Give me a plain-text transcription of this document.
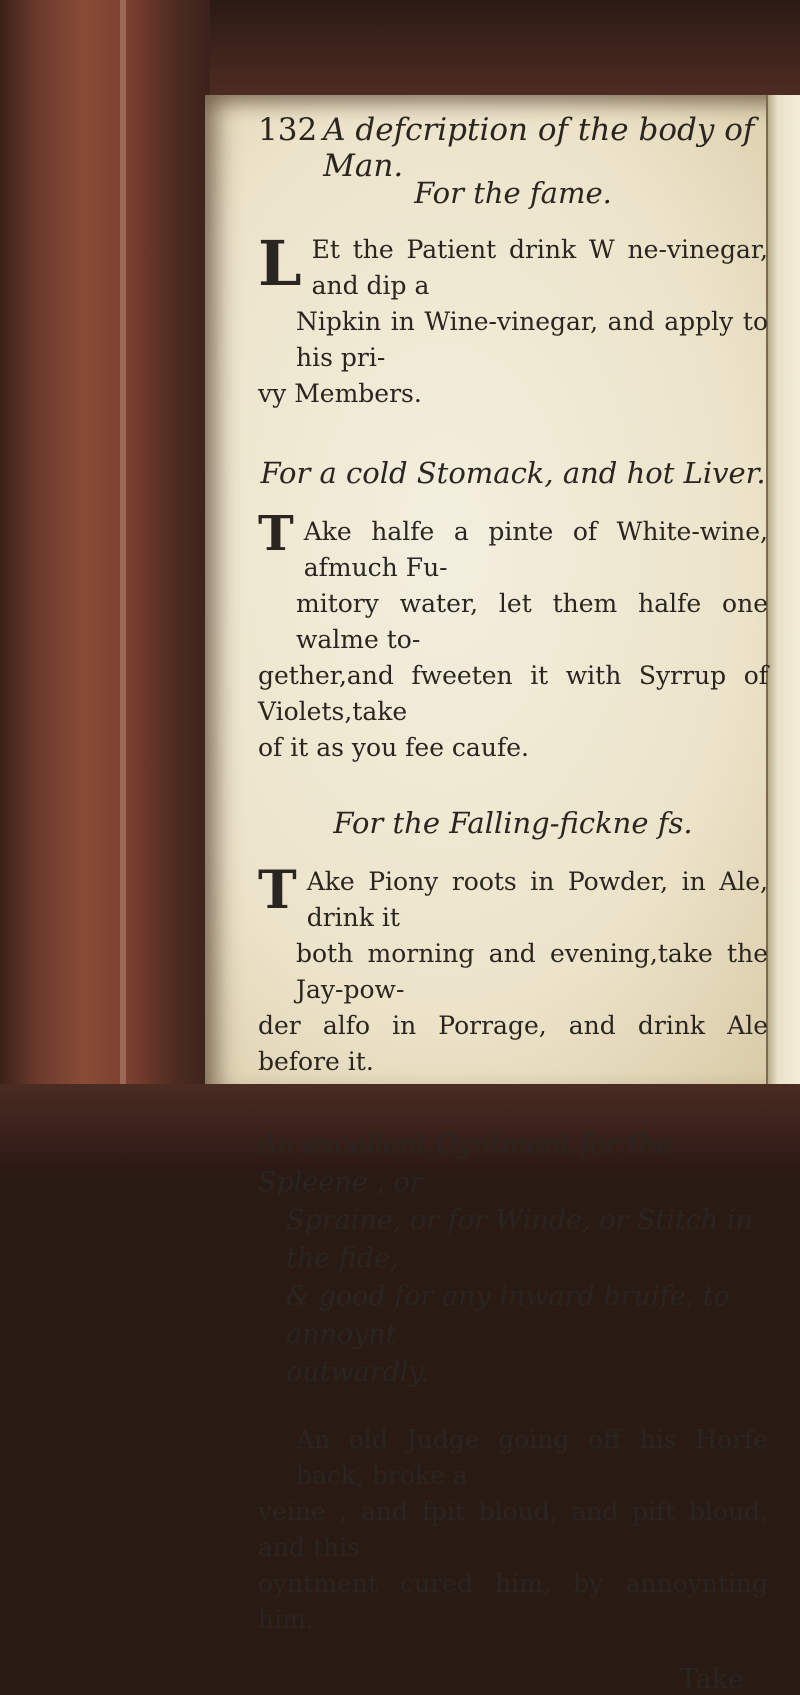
132 A defcription of the body of Man.
For the fame.

L Et the Patient drink W ne-vinegar, and dip a
Nipkin in Wine-vinegar, and apply to his pri-
vy Members.

For a cold Stomack, and hot Liver.

T Ake halfe a pinte of White-wine, afmuch Fu-
mitory water, let them halfe one walme to-
gether,and fweeten it with Syrrup of Violets,take
of it as you fee caufe.

For the Falling-fickne fs.

T Ake Piony roots in Powder, in Ale, drink it
both morning and evening,take the Jay-pow-
der alfo in Porrage, and drink Ale before it.

An excellent Oyntment for the Spleene , or
Spraine, or for Winde, or Stitch in the fide,
& good for any inward bruife, to annoynt
outwardly.

An old Judge going off his Horfe back, broke a
veine , and fpit bloud, and pift bloud, and this
oyntment cured him, by annoynting him.

Take
